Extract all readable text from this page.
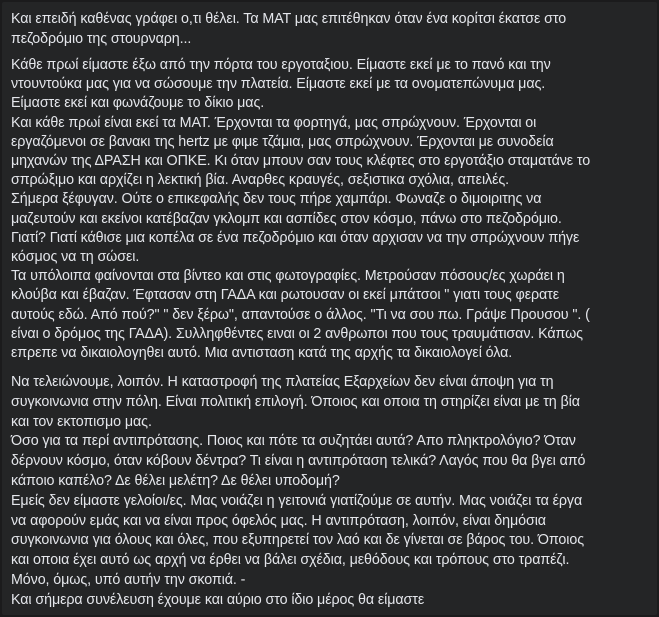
Και επειδή καθένας γράφει ο,τι θέλει. Τα ΜΑΤ μας επιτέθηκαν όταν ένα κορίτσι έκατσε στο
πεζοδρόμιο της στουρναρη...
Κάθε πρωί είμαστε έξω από την πόρτα του εργοταξιου. Είμαστε εκεί με το πανό και την
ντουντούκα μας για να σώσουμε την πλατεία. Είμαστε εκεί με τα ονοματεπώνυμα μας.
Είμαστε εκεί και φωνάζουμε το δίκιο μας.
Και κάθε πρωί είναι εκεί τα ΜΑΤ. Έρχονται τα φορτηγά, μας σπρώχνουν. Έρχονται οι
εργαζόμενοι σε βανακι της hertz με φιμε τζάμια, μας σπρώχνουν. Έρχονται με συνοδεία
μηχανών της ΔΡΑΣΗ και ΟΠΚΕ. Κι όταν μπουν σαν τους κλέφτες στο εργοτάξιο σταματάνε το
σπρώξιμο και αρχίζει η λεκτική βία. Αναρθες κραυγές, σεξιστικα σχόλια, απειλές.
Σήμερα ξέφυγαν. Ούτε ο επικεφαλής δεν τους πήρε χαμπάρι. Φωναζε ο διμοιριτης να
μαζευτούν και εκείνοι κατέβαζαν γκλομπ και ασπίδες στον κόσμο, πάνω στο πεζοδρόμιο.
Γιατί? Γιατί κάθισε μια κοπέλα σε ένα πεζοδρόμιο και όταν αρχισαν να την σπρώχνουν πήγε
κόσμος να τη σώσει.
Τα υπόλοιπα φαίνονται στα βίντεο και στις φωτογραφίες. Μετρούσαν πόσους/ες χωράει η
κλούβα και έβαζαν. Έφτασαν στη ΓΑΔΑ και ρωτουσαν οι εκεί μπάτσοι " γιατι τους φερατε
αυτούς εδώ. Από πού?" " δεν ξέρω", απαντούσε ο άλλος. "Τι να σου πω. Γράψε Προυσου ". (
είναι ο δρόμος της ΓΑΔΑ). Συλληφθέντες ειναι οι 2 ανθρωποι που τους τραυμάτισαν. Κάπως
επρεπε να δικαιολογηθει αυτό. Μια αντισταση κατά της αρχής τα δικαιολογεί όλα.
Να τελειώνουμε, λοιπόν. Η καταστροφή της πλατείας Εξαρχείων δεν είναι άποψη για τη
συγκοινωνια στην πόλη. Είναι πολιτική επιλογή. Όποιος και οποια τη στηρίζει είναι με τη βία
και τον εκτοπισμο μας.
Όσο για τα περί αντιπρότασης. Ποιος και πότε τα συζητάει αυτά? Απο πληκτρολόγιο? Όταν
δέρνουν κόσμο, όταν κόβουν δέντρα? Τι είναι η αντιπρόταση τελικά? Λαγός που θα βγει από
κάποιο καπέλο? Δε θέλει μελέτη? Δε θέλει υποδομή?
Εμείς δεν είμαστε γελοίοι/ες. Μας νοιάζει η γειτονιά γιατίζούμε σε αυτήν. Μας νοιάζει τα έργα
να αφορούν εμάς και να είναι προς όφελός μας. Η αντιπρόταση, λοιπόν, είναι δημόσια
συγκοινωνια για όλους και όλες, που εξυπηρετεί τον λαό και δε γίνεται σε βάρος του. Όποιος
και οποια έχει αυτό ως αρχή να έρθει να βάλει σχέδια, μεθόδους και τρόπους στο τραπέζι.
Μόνο, όμως, υπό αυτήν την σκοπιά. -
Και σήμερα συνέλευση έχουμε και αύριο στο ίδιο μέρος θα είμαστε
